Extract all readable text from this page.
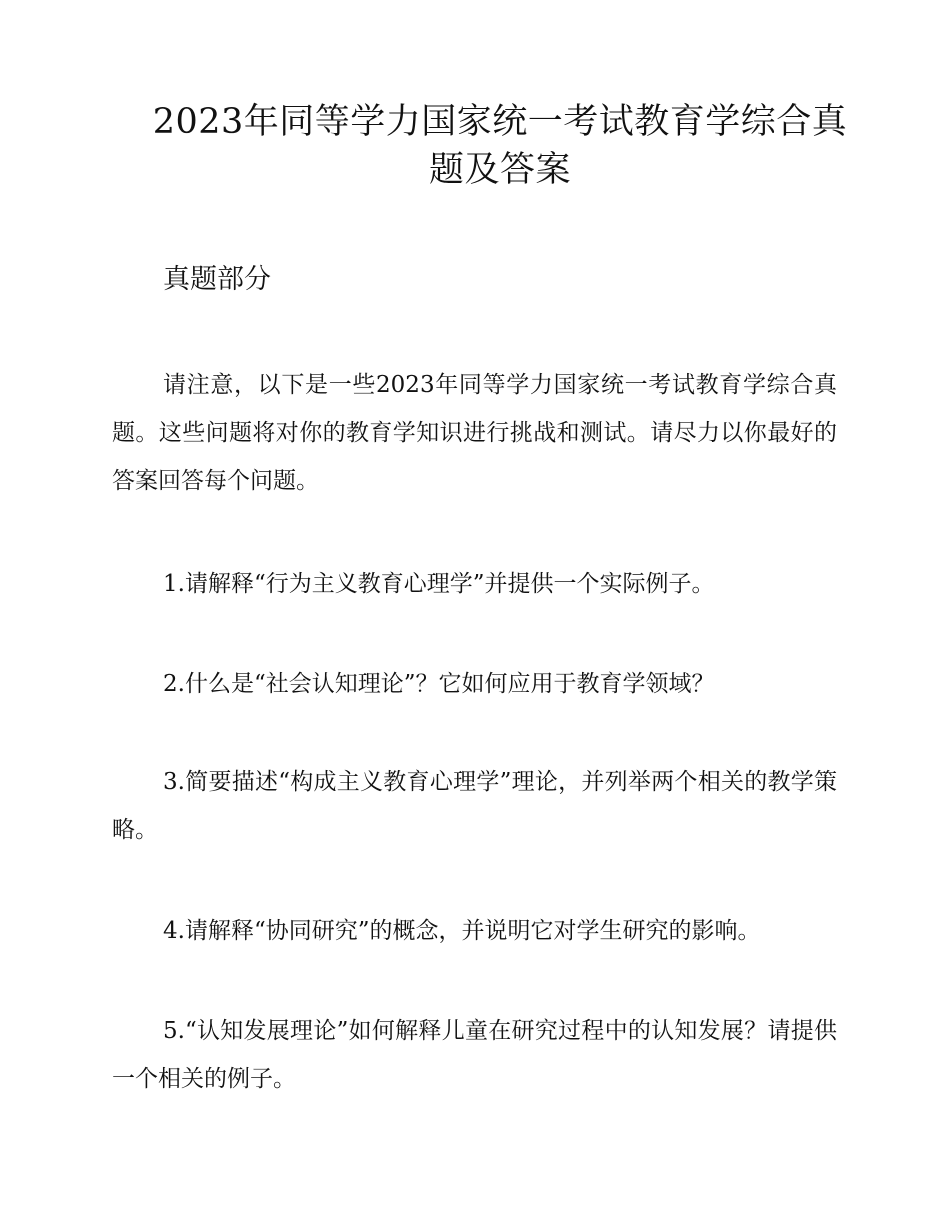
2023年同等学力国家统一考试教育学综合真题及答案
真题部分

请注意，以下是一些2023年同等学力国家统一考试教育学综合真题。这些问题将对你的教育学知识进行挑战和测试。请尽力以你最好的答案回答每个问题。

1.请解释“行为主义教育心理学”并提供一个实际例子。

2.什么是“社会认知理论”？它如何应用于教育学领域？

3.简要描述“构成主义教育心理学”理论，并列举两个相关的教学策略。

4.请解释“协同研究”的概念，并说明它对学生研究的影响。

5.“认知发展理论”如何解释儿童在研究过程中的认知发展？请提供一个相关的例子。
